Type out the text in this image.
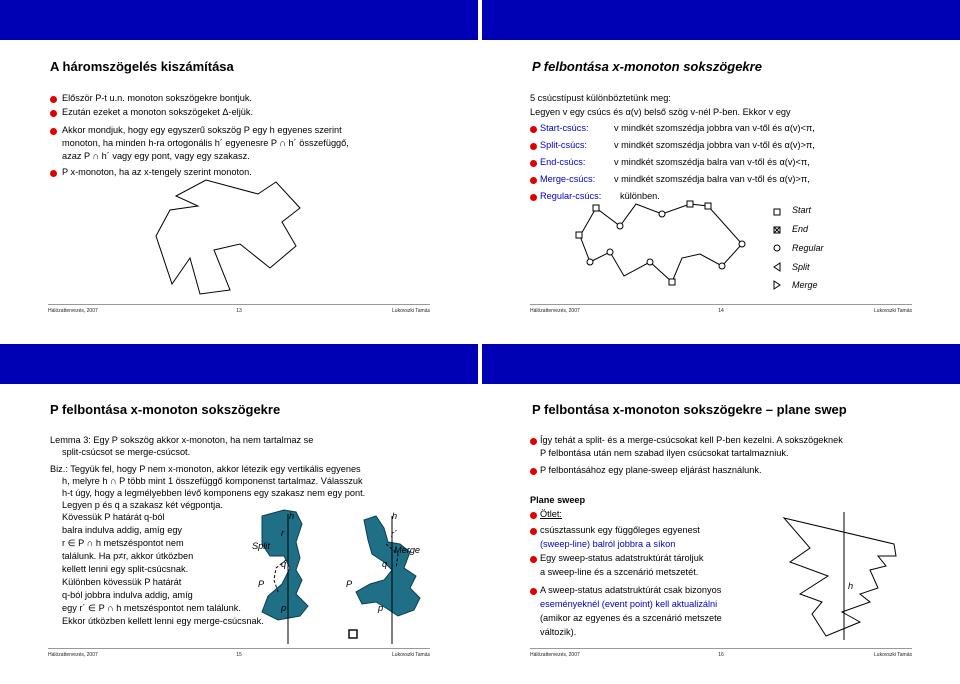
A háromszögelés kiszámítása
Először P-t u.n. monoton sokszögekre bontjuk.
Ezután ezeket a monoton sokszögeket Δ-eljük.
Akkor mondjuk, hogy egy egyszerű sokszög P egy h egyenes szerint
monoton, ha minden h-ra ortogonális h´ egyenesre P ∩ h´ összefüggő,
azaz P ∩ h´ vagy egy pont, vagy egy szakasz.
P x-monoton, ha az x-tengely szerint monoton.
Hálózattervezés, 2007	13	Lukovszki Tamás
P felbontása x-monoton sokszögekre
5 csúcstípust különböztetünk meg:
Legyen v egy csúcs és α(v) belső szög v-nél P-ben. Ekkor v egy
Start-csúcs:	v mindkét szomszédja jobbra van v-től és α(v)<π,
Split-csúcs:	v mindkét szomszédja jobbra van v-től és α(v)>π,
End-csúcs:	v mindkét szomszédja balra van v-től és α(v)<π,
Merge-csúcs: v mindkét szomszédja balra van v-től és α(v)>π,
Regular-csúcs: különben.
Start
End
Regular
Split
Merge
Hálózattervezés, 2007	14	Lukovszki Tamás
P felbontása x-monoton sokszögekre
Lemma 3: Egy P sokszög akkor x-monoton, ha nem tartalmaz se
split-csúcsot se merge-csúcsot.
Biz.: Tegyük fel, hogy P nem x-monoton, akkor létezik egy vertikális egyenes
h, melyre h ∩ P több mint 1 összefüggő komponenst tartalmaz. Válasszuk
h-t úgy, hogy a legmélyebben lévő komponens egy szakasz nem egy pont.
Legyen p és q a szakasz két végpontja.
Kövessük P határát q-ból
balra indulva addig, amíg egy
r ∈ P ∩ h metszéspontot nem
találunk. Ha p≠r, akkor útközben
kellett lenni egy split-csúcsnak.
Különben kövessük P határát
q-ból jobbra indulva addig, amíg
egy r´ ∈ P ∩ h metszéspontot nem találunk.
Ekkor útközben kellett lenni egy merge-csúcsnak.
h
r
Split
q
P
p
h
r´
Merge
q
P
p
Hálózattervezés, 2007	15	Lukovszki Tamás
P felbontása x-monoton sokszögekre – plane swep
Így tehát a split- és a merge-csúcsokat kell P-ben kezelni. A sokszögeknek
P felbontása után nem szabad ilyen csúcsokat tartalmazniuk.
P felbontásához egy plane-sweep eljárást használunk.
Plane sweep
Ötlet:
csúsztassunk egy függőleges egyenest
(sweep-line) balról jobbra a síkon
Egy sweep-status adatstruktúrát tároljuk
a sweep-line és a szcenárió metszetét.
A sweep-status adatstruktúrát csak bizonyos
eseményeknél (event point) kell aktualizálni
(amikor az egyenes és a szcenárió metszete
változik).
h
Hálózattervezés, 2007	16	Lukovszki Tamás
